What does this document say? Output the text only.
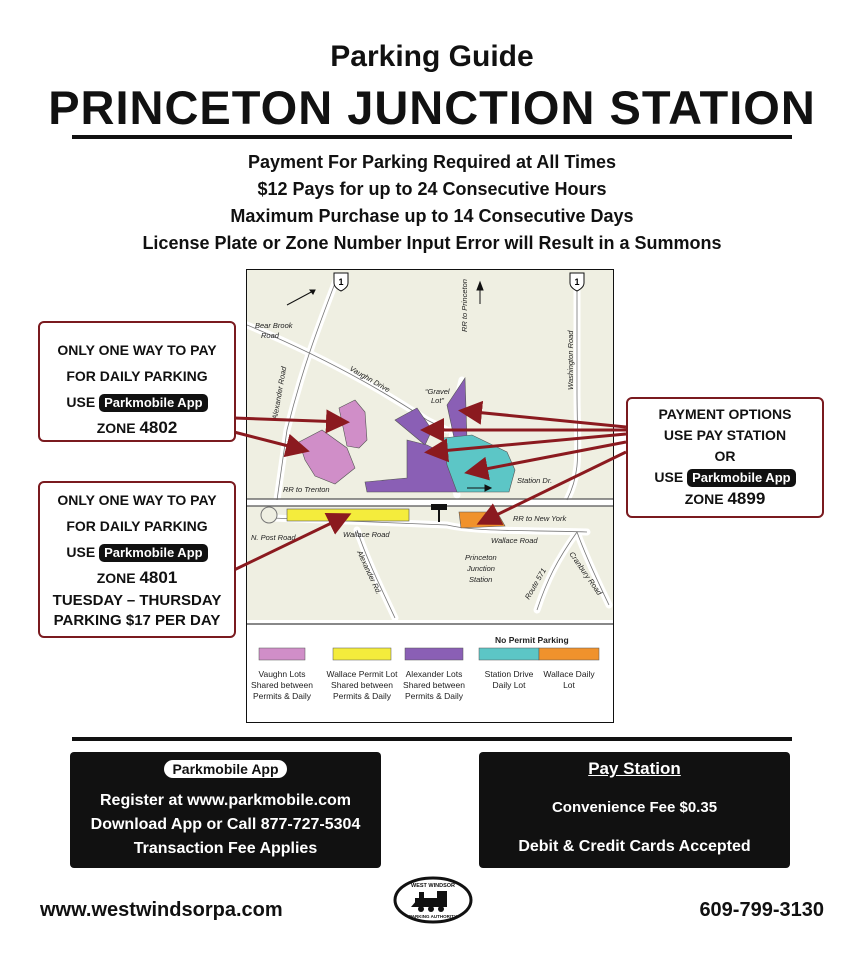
Parking Guide
PRINCETON JUNCTION STATION
Payment For Parking Required at All Times
$12 Pays for up to 24 Consecutive Hours
Maximum Purchase up to 14 Consecutive Days
License Plate or Zone Number Input Error will Result in a Summons
1	1
Bear Brook
Road
Alexander Road	Vaughn Drive	“Gravel
Lot”
RR to Princeton
Washington Road
Station Dr.
RR to Trenton
RR to New York
N. Post Road	Wallace Road
Wallace Road
Alexander Rd.	Princeton
Junction
Station	Route 571	Cranbury Road
No Permit Parking
Vaughn Lots
Shared between
Permits & Daily
Wallace Permit Lot
Shared between
Permits & Daily
Alexander Lots
Shared between
Permits & Daily
Station Drive
Daily Lot
Wallace Daily
Lot
ONLY ONE WAY TO PAY
FOR DAILY PARKING
USE Parkmobile App
ZONE 4802
ONLY ONE WAY TO PAY
FOR DAILY PARKING
USE Parkmobile App
ZONE 4801
TUESDAY – THURSDAY
PARKING $17 PER DAY
PAYMENT OPTIONS
USE PAY STATION
OR
USE Parkmobile App
ZONE 4899
Parkmobile App
Register at www.parkmobile.com
Download App or Call 877-727-5304
Transaction Fee Applies
Pay Station
Convenience Fee $0.35
Debit & Credit Cards Accepted
www.westwindsorpa.com	609-799-3130
WEST WINDSOR
PARKING AUTHORITY
